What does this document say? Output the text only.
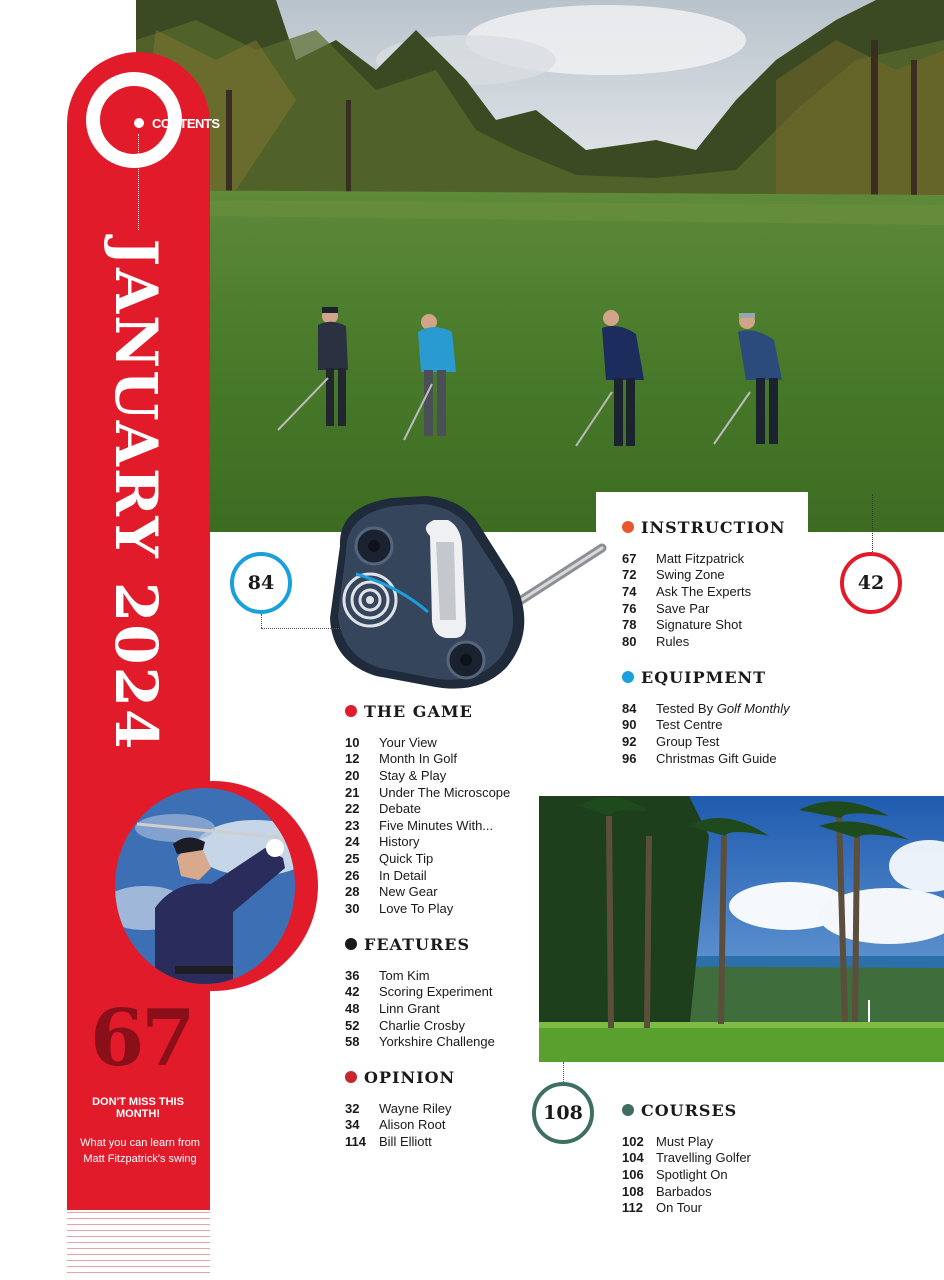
CONTENTS
JANUARY 2024
67
DON'T MISS THIS MONTH!
What you can learn from Matt Fitzpatrick's swing
84	42
108
INSTRUCTION
67	Matt Fitzpatrick
72	Swing Zone
74	Ask The Experts
76	Save Par
78	Signature Shot
80	Rules
EQUIPMENT
84	Tested By Golf Monthly
90	Test Centre
92	Group Test
96	Christmas Gift Guide
THE GAME
10	Your View
12	Month In Golf
20	Stay & Play
21	Under The Microscope
22	Debate
23	Five Minutes With...
24	History
25	Quick Tip
26	In Detail
28	New Gear
30	Love To Play
FEATURES
36	Tom Kim
42	Scoring Experiment
48	Linn Grant
52	Charlie Crosby
58	Yorkshire Challenge
OPINION
32	Wayne Riley
34	Alison Root
114	Bill Elliott
COURSES
102 Must Play
104 Travelling Golfer
106 Spotlight On
108 Barbados
112	On Tour
